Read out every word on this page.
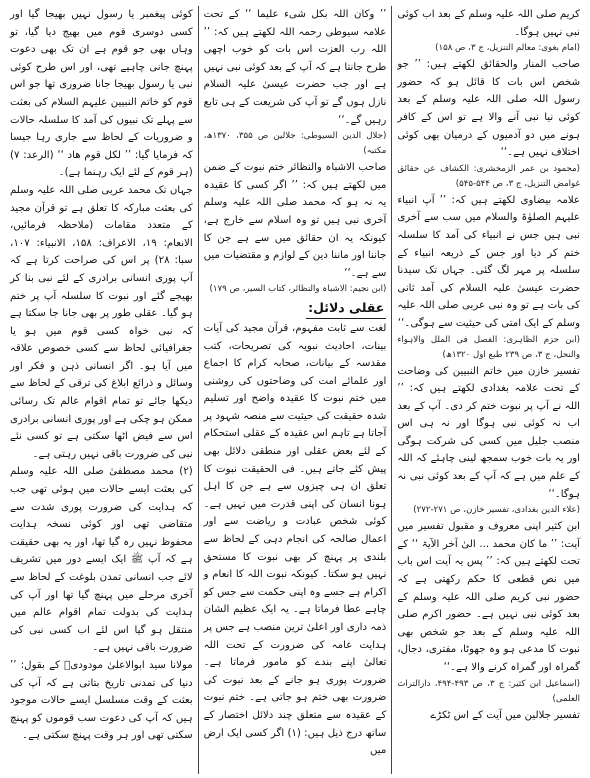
کریم صلی اللہ علیہ وسلم کے بعد اب کوئی نبی نہیں ہوگا۔

(امام بغوی: معالم التنزیل، ج ۳، ص ۱۵۸)

صاحب المنار والحقائق لکھتے ہیں: ’’ جو شخص اس بات کا قائل ہو کہ حضور رسول اللہ صلی اللہ علیہ وسلم کے بعد کوئی نیا نبی آنے والا ہے تو اس کے کافر ہونے میں دو آدمیوں کے درمیان بھی کوئی اختلاف نہیں ہے۔‘‘

(محمود بن عمر الزمخشری: الکشاف عن حقائق غوامض التنزیل، ج ۳، ص ۵۴۴-۵۴۵)

علامہ بیضاوی لکھتے ہیں کہ: ’’ آپ انبیاء علیہم الصلوٰۃ والسلام میں سب سے آخری نبی ہیں جس نے انبیاء کی آمد کا سلسلہ ختم کر دیا اور جس کے ذریعہ انبیاء کے سلسلہ پر مہر لگ گئی۔ جہاں تک سیدنا حضرت عیسیٰ علیہ السلام کی آمد ثانی کی بات ہے تو وہ نبی عربی صلی اللہ علیہ وسلم کے ایک امتی کی حیثیت سے ہوگی۔‘‘

(ابن حزم الظاہری: الفصل فی الملل والاہواء والنحل، ج ۳، ص ۲۳۹ طبع اول ۱۳۲۰ھ)

تفسیر خازن میں خاتم النبیین کی وضاحت کے تحت علامہ بغدادی لکھتے ہیں کہ: ’’ اللہ نے آپ پر نبوت ختم کر دی۔ آپ کے بعد اب نہ کوئی نبی ہوگا اور نہ ہی اس منصب جلیل میں کسی کی شرکت ہوگی اور یہ بات خوب سمجھ لینی چاہئے کہ اللہ کے علم میں ہے کہ آپ کے بعد کوئی نبی نہ ہوگا۔‘‘

(علاء الدین بغدادی، تفسیر خازن، ص ۲۷۱-۲۷۲)

ابن کثیر اپنی معروف و مقبول تفسیر میں آیت: ’’ ما کان محمد ... الیٰ آخر الآیۃ ‘‘ کے تحت لکھتے ہیں کہ: ’’ پس یہ آیت اس باب میں نص قطعی کا حکم رکھتی ہے کہ حضور نبی کریم صلی اللہ علیہ وسلم کے بعد کوئی نبی نہیں ہے۔ حضور اکرم صلی اللہ علیہ وسلم کے بعد جو شخص بھی نبوت کا مدعی ہو وہ جھوٹا، مفتری، دجال، گمراہ اور گمراہ کرنے والا ہے۔‘‘

(اسماعیل ابن کثیر: ج ۳، ص ۴۹۳-۴۹۴، دارالتراث العلمی)

تفسیر جلالین میں آیت کے اس ٹکڑے

’’ وکان اللہ بکل شیء علیما ‘‘ کے تحت علامہ سیوطی رحمہ اللہ لکھتے ہیں کہ: ’’ اللہ رب العزت اس بات کو خوب اچھی طرح جانتا ہے کہ آپ کے بعد کوئی نبی نہیں ہے اور جب حضرت عیسیٰ علیہ السلام نازل ہوں گے تو آپ کی شریعت کے ہی تابع رہیں گے۔‘‘

(جلال الدین السیوطی: جلالین ص ۳۵۵، ۱۳۷۰ھ، مکتبہ)

صاحب الاشباہ والنظائر ختم نبوت کے ضمن میں لکھتے ہیں کہ: ’’ اگر کسی کا عقیدہ یہ نہ ہو کہ محمد صلی اللہ علیہ وسلم آخری نبی ہیں تو وہ اسلام سے خارج ہے، کیونکہ یہ ان حقائق میں سے ہے جن کا جاننا اور ماننا دین کے لوازم و مقتضیات میں سے ہے۔‘‘

(ابن نجیم: الاشباہ والنظائر، کتاب السیر، ص ۱۷۹)

عقلی دلائل:

لغت سے ثابت مفہوم، قرآن مجید کی آیات بینات، احادیث نبویہ کی تصریحات، کتب مقدسہ کے بیانات، صحابہ کرام کا اجماع اور علمائے امت کی وضاحتوں کی روشنی میں ختم نبوت کا عقیدہ واضح اور تسلیم شدہ حقیقت کی حیثیت سے منصہ شہود پر آجاتا ہے تاہم اس عقیدہ کے عقلی استحکام کے لئے بعض عقلی اور منطقی دلائل بھی پیش کئے جاتے ہیں۔ فی الحقیقت نبوت کا تعلق ان ہی چیزوں سے ہے جن کا اہل ہونا انسان کی اپنی قدرت میں نہیں ہے۔ کوئی شخص عبادت و ریاضت سے اور اعمال صالحہ کی انجام دہی کے لحاظ سے بلندی پر پہنچ کر بھی نبوت کا مستحق نہیں ہو سکتا۔ کیونکہ نبوت اللہ کا انعام و اکرام ہے جسے وہ اپنی حکمت سے جس کو چاہے عطا فرماتا ہے۔ یہ ایک عظیم الشان ذمہ داری اور اعلیٰ ترین منصب ہے جس پر ہدایت عامہ کی ضرورت کے تحت اللہ تعالیٰ اپنے بندے کو مامور فرماتا ہے۔ ضرورت پوری ہو جانے کے بعد نبوت کی ضرورت بھی ختم ہو جاتی ہے۔ ختم نبوت کے عقیدہ سے متعلق چند دلائل اختصار کے ساتھ درج ذیل ہیں: (۱) اگر کسی ایک ارض میں

کوئی پیغمبر یا رسول نہیں بھیجا گیا اور کسی دوسری قوم میں بھیج دیا گیا، تو وہاں بھی جو قوم ہے ان تک بھی دعوت پہنچ جانی چاہیے تھی، اور اس طرح کوئی نبی یا رسول بھیجا جانا ضروری تھا جو اس قوم کو خاتم النبیین علیہم السلام کی بعثت سے پہلے تک نبیوں کی آمد کا سلسلہ حالات و ضروریات کے لحاظ سے جاری رہا جیسا کہ فرمایا گیا: ’’ لکل قوم ھاد ‘‘ (الرعد: ۷) (ہر قوم کے لئے ایک رہنما ہے)۔

جہاں تک محمد عربی صلی اللہ علیہ وسلم کی بعثت مبارکہ کا تعلق ہے تو قرآن مجید کے متعدد مقامات (ملاحظہ فرمائیں، الانعام: ۱۹، الاعراف: ۱۵۸، الانبیاء: ۱۰۷، سبا: ۲۸) پر اس کی صراحت کرتا ہے کہ آپ پوری انسانی برادری کے لئے نبی بنا کر بھیجے گئے اور نبوت کا سلسلہ آپ پر ختم ہو گیا۔ عقلی طور پر بھی جانا جا سکتا ہے کہ نبی خواہ کسی قوم میں ہو یا جغرافیائی لحاظ سے کسی خصوص علاقہ میں آیا ہو۔ اگر انسانی ذہن و فکر اور وسائل و ذرائع ابلاغ کی ترقی کے لحاظ سے دیکھا جائے تو تمام اقوام عالم تک رسائی ممکن ہو چکی ہے اور پوری انسانی برادری اس سے فیض اٹھا سکتی ہے تو کسی نئے نبی کی ضرورت باقی نہیں رہتی ہے۔

(۲) محمد مصطفیٰ صلی اللہ علیہ وسلم کی بعثت ایسے حالات میں ہوئی تھی جب کہ ہدایت کی ضرورت پوری شدت سے متقاضی تھی اور کوئی نسخہ ہدایت محفوظ نہیں رہ گیا تھا، اور یہ بھی حقیقت ہے کہ آپ ﷺ ایک ایسے دور میں تشریف لائے جب انسانی تمدن بلوغت کے لحاظ سے آخری مرحلے میں پہنچ گیا تھا اور آپ کی ہدایت کی بدولت تمام اقوام عالم میں منتقل ہو گیا اس لئے اب کسی نبی کی ضرورت باقی نہیں ہے۔

مولانا سید ابوالاعلیٰ مودودیؒ کے بقول: ’’ دنیا کی تمدنی تاریخ بتاتی ہے کہ آپ کی بعثت کے وقت مسلسل ایسے حالات موجود ہیں کہ آپ کی دعوت سب قوموں کو پہنچ سکتی تھی اور ہر وقت پہنچ سکتی ہے۔
